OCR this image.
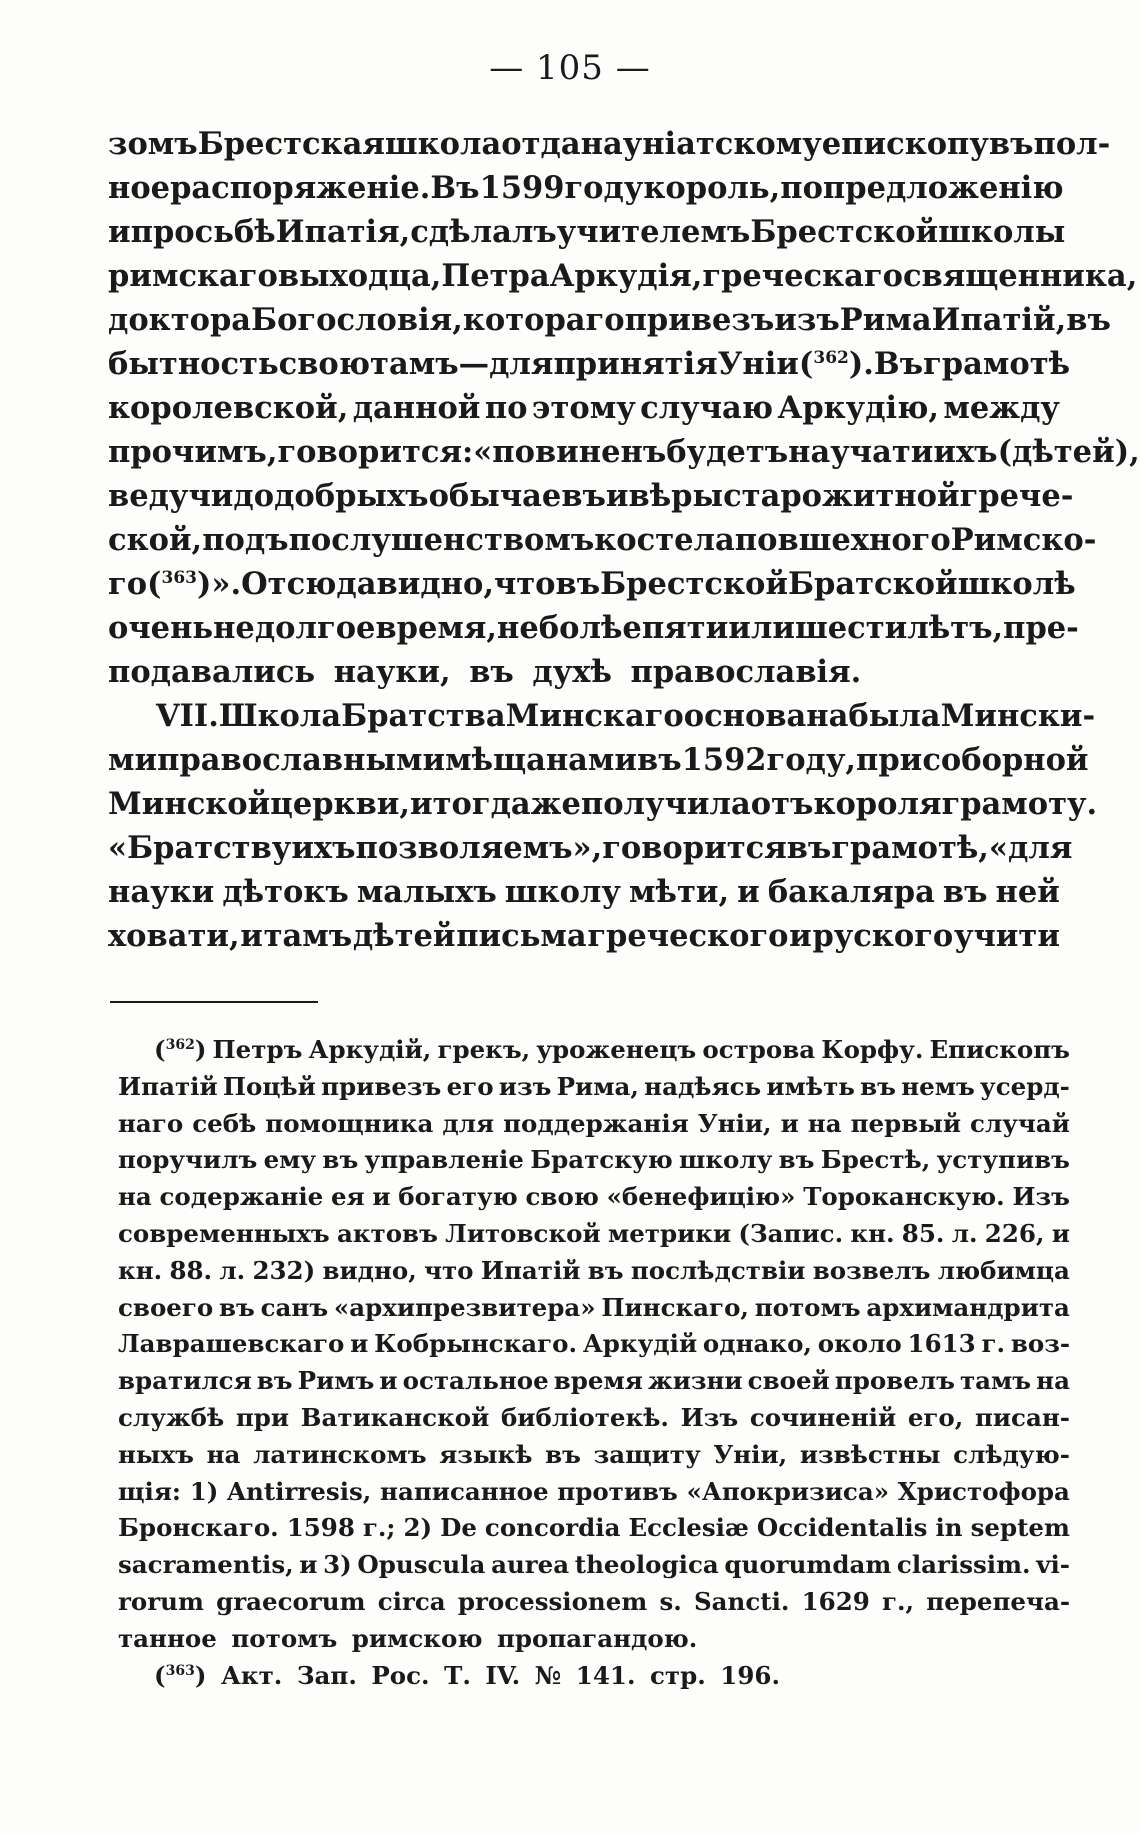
— 105 —
зомъ Брестская школа отдана уніатскому епископу въ пол-
ное распоряженіе. Въ 1599 году король, по предложенію
и просьбѣ Ипатія, сдѣлалъ учителемъ Брестской школы
римскаго выходца, Петра Аркудія, греческаго священника,
доктора Богословія, котораго привезъ изъ Рима Ипатій, въ
бытность свою тамъ—для принятія Уніи ($^{362}$). Въ грамотѣ
королевской, данной по этому случаю Аркудію, между
прочимъ, говорится: «повиненъ будетъ научати ихъ (дѣтей),
ведучи до добрыхъ обычаевъ и вѣры старожитной грече-
ской, подъ послушенствомъ костела повшехного Римско-
го ($^{363}$)». Отсюда видно, что въ Брестской Братской школѣ
очень недолгое время, не болѣе пяти или шести лѣтъ, пре-
подавались науки, въ духѣ православія.
VII. Школа Братства Минскаго основана была Мински-
ми православными мѣщанами въ 1592 году, при соборной
Минской церкви, и тогда же получила отъ короля грамоту.
«Братству ихъ позволяемъ», говорится въ грамотѣ, «для
науки дѣтокъ малыхъ школу мѣти, и бакаляра въ ней
ховати, и тамъ дѣтей письма греческого и руского учити
($^{362}$) Петръ Аркудій, грекъ, уроженецъ острова Корфу. Епископъ
Ипатій Поцѣй привезъ его изъ Рима, надѣясь имѣть въ немъ усерд-
наго себѣ помощника для поддержанія Уніи, и на первый случай
поручилъ ему въ управленіе Братскую школу въ Брестѣ, уступивъ
на содержаніе ея и богатую свою «бенефицію» Тороканскую. Изъ
современныхъ актовъ Литовской метрики (Запис. кн. 85. л. 226, и
кн. 88. л. 232) видно, что Ипатій въ послѣдствіи возвелъ любимца
своего въ санъ «архипрезвитера» Пинскаго, потомъ архимандрита
Лаврашевскаго и Кобрынскаго. Аркудій однако, около 1613 г. воз-
вратился въ Римъ и остальное время жизни своей провелъ тамъ на
службѣ при Ватиканской библіотекѣ. Изъ сочиненій его, писан-
ныхъ на латинскомъ языкѣ въ защиту Уніи, извѣстны слѣдую-
щія: 1) Antirresis, написанное противъ «Апокризиса» Христофора
Бронскаго. 1598 г.; 2) De concordia Ecclesiæ Occidentalis in septem
sacramentis, и 3) Opuscula aurea theologica quorumdam clarissim. vi-
rorum graecorum circa processionem s. Sancti. 1629 г., перепеча-
танное потомъ римскою пропагандою.
($^{363}$) Акт. Зап. Рос. Т. IV. № 141. стр. 196.
